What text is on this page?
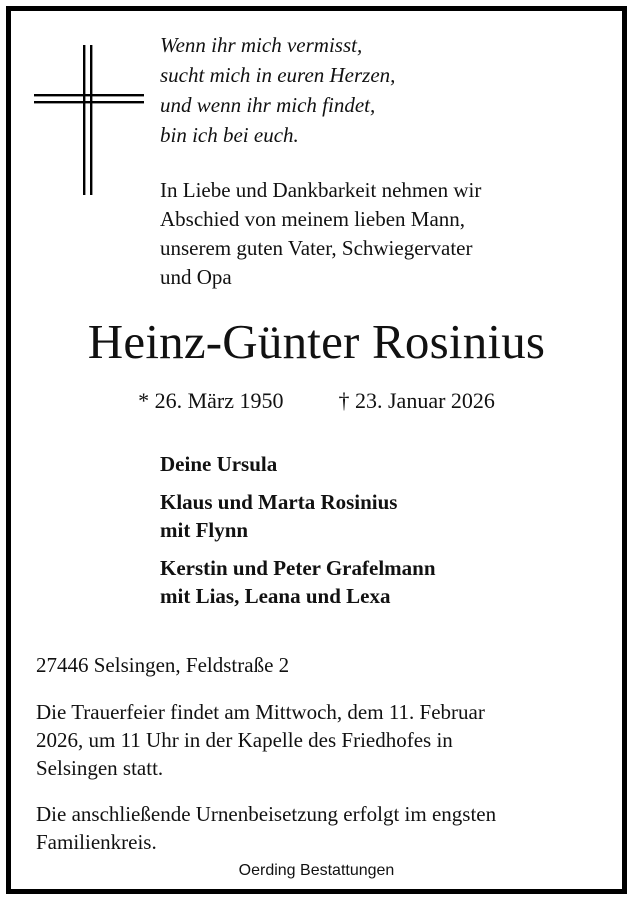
Wenn ihr mich vermisst,
sucht mich in euren Herzen,
und wenn ihr mich findet,
bin ich bei euch.
In Liebe und Dankbarkeit nehmen wir
Abschied von meinem lieben Mann,
unserem guten Vater, Schwiegervater
und Opa
Heinz-Günter Rosinius
* 26. März 1950	† 23. Januar 2026
Deine Ursula
Klaus und Marta Rosinius
mit Flynn
Kerstin und Peter Grafelmann
mit Lias, Leana und Lexa
27446 Selsingen, Feldstraße 2
Die Trauerfeier findet am Mittwoch, dem 11. Februar
2026, um 11 Uhr in der Kapelle des Friedhofes in
Selsingen statt.
Die anschließende Urnenbeisetzung erfolgt im engsten
Familienkreis.
Oerding Bestattungen
